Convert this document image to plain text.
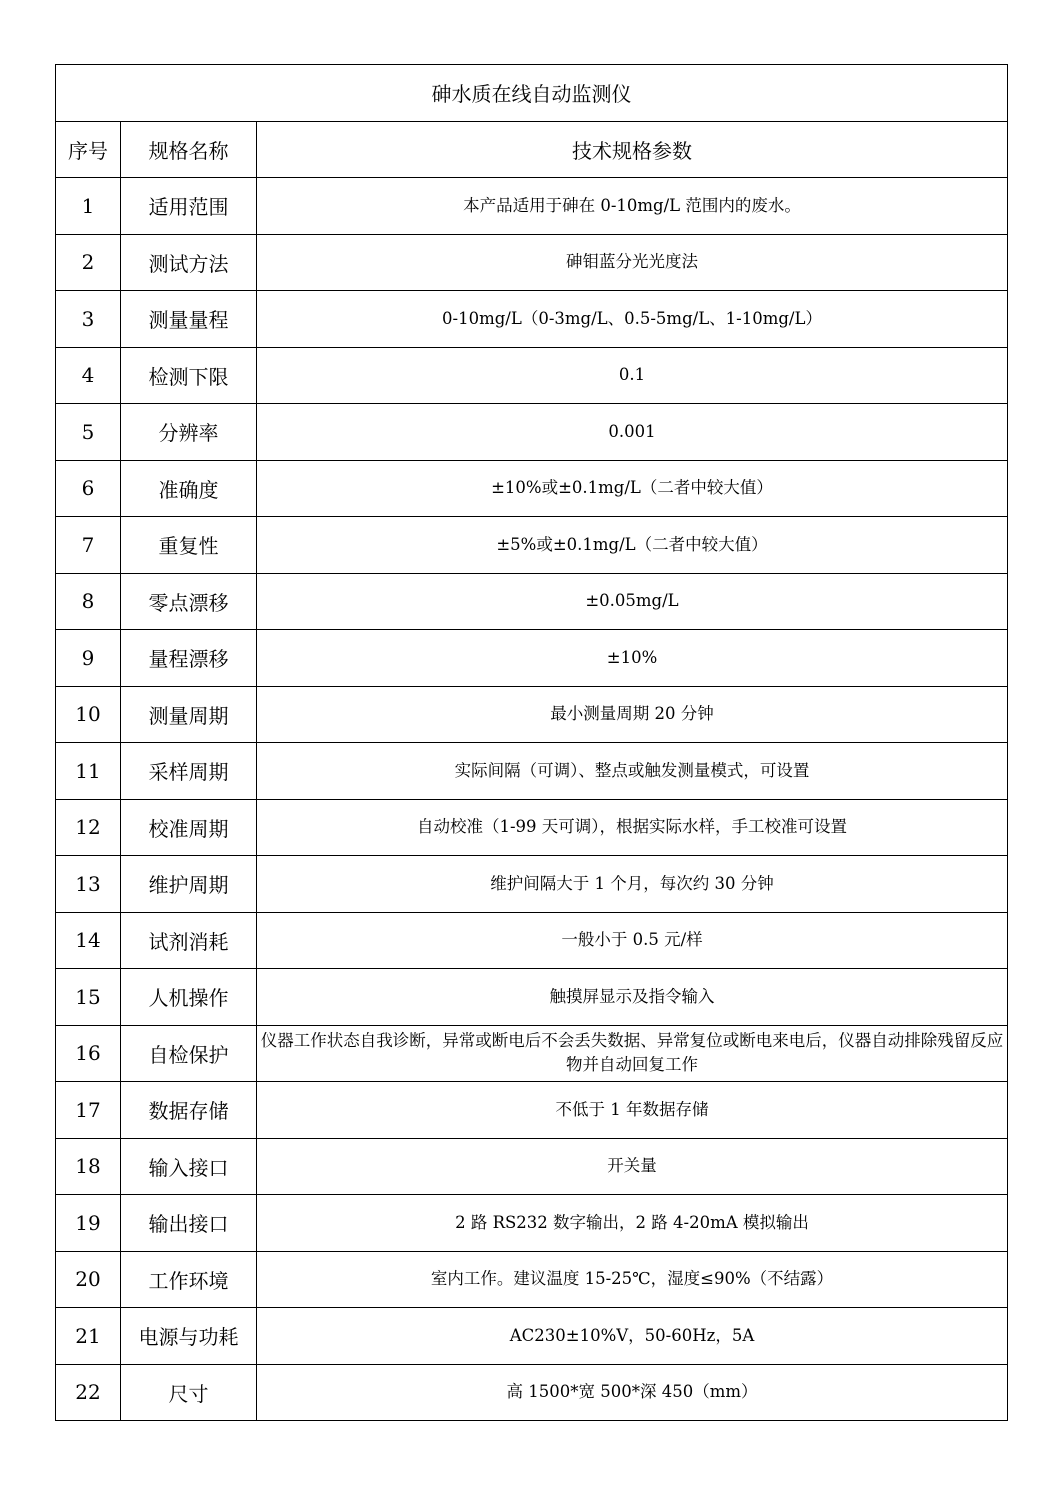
砷水质在线自动监测仪		
序号	规格名称	技术规格参数
1	适用范围	本产品适用于砷在 0-10mg/L 范围内的废水。
2	测试方法	砷钼蓝分光光度法
3	测量量程	0-10mg/L（0-3mg/L、0.5-5mg/L、1-10mg/L）
4	检测下限	0.1
5	分辨率	0.001
6	准确度	±10%或±0.1mg/L（二者中较大值）
7	重复性	±5%或±0.1mg/L（二者中较大值）
8	零点漂移	±0.05mg/L
9	量程漂移	±10%
10	测量周期	最小测量周期 20 分钟
11	采样周期	实际间隔（可调）、整点或触发测量模式，可设置
12	校准周期	自动校准（1-99 天可调），根据实际水样，手工校准可设置
13	维护周期	维护间隔大于 1 个月，每次约 30 分钟
14	试剂消耗	一般小于 0.5 元/样
15	人机操作	触摸屏显示及指令输入
16	自检保护	仪器工作状态自我诊断，异常或断电后不会丢失数据、异常复位或断电来电后，仪器自动排除残留反应物并自动回复工作
17	数据存储	不低于 1 年数据存储
18	输入接口	开关量
19	输出接口	2 路 RS232 数字输出，2 路 4-20mA 模拟输出
20	工作环境	室内工作。建议温度 15-25℃，湿度≤90%（不结露）
21	电源与功耗	AC230±10%V，50-60Hz，5A
22	尺寸	高 1500*宽 500*深 450（mm）
